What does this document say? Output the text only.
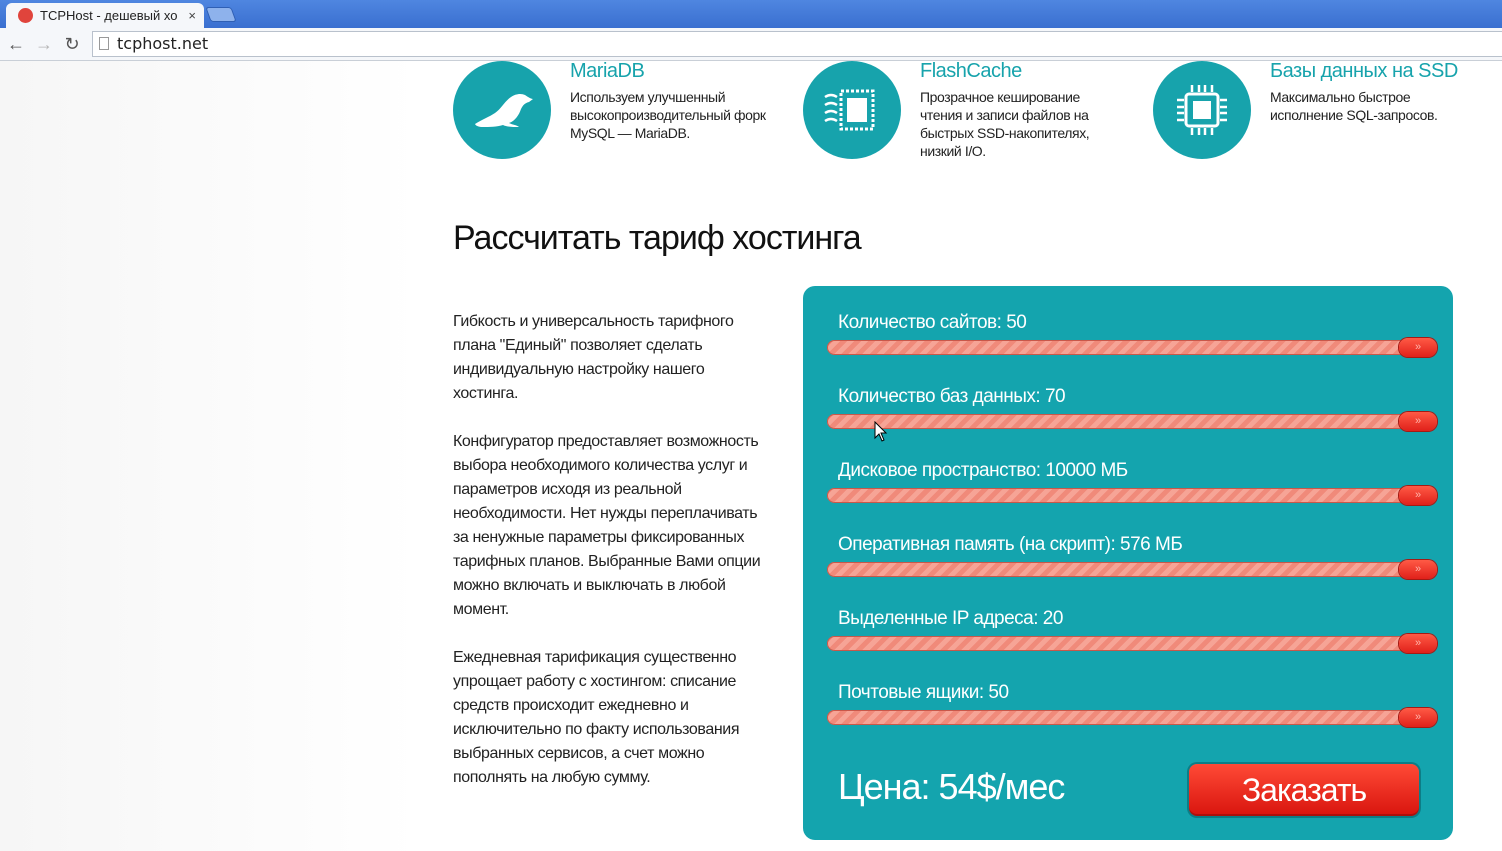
TCPHost - дешевый хо ×
← → ↻ tcphost.net
MariaDB
Используем улучшенный высокопроизводительный форк MySQL — MariaDB.
FlashCache
Прозрачное кеширование чтения и записи файлов на быстрых SSD-накопителях, низкий I/O.
Базы данных на SSD
Максимально быстрое исполнение SQL-запросов.
Рассчитать тариф хостинга

Гибкость и универсальность тарифного плана "Единый" позволяет сделать индивидуальную настройку нашего хостинга.

Конфигуратор предоставляет возможность выбора необходимого количества услуг и параметров исходя из реальной необходимости. Нет нужды переплачивать за ненужные параметры фиксированных тарифных планов. Выбранные Вами опции можно включать и выключать в любой момент.

Ежедневная тарификация существенно упрощает работу с хостингом: списание средств происходит ежедневно и исключительно по факту использования выбранных сервисов, а счет можно пополнять на любую сумму.

Количество сайтов: 50
»
Количество баз данных: 70
»
Дисковое пространство: 10000 МБ
»
Оперативная память (на скрипт): 576 МБ
»
Выделенные IP адреса: 20
»
Почтовые ящики: 50
»
Цена: 54$/мес	Заказать
